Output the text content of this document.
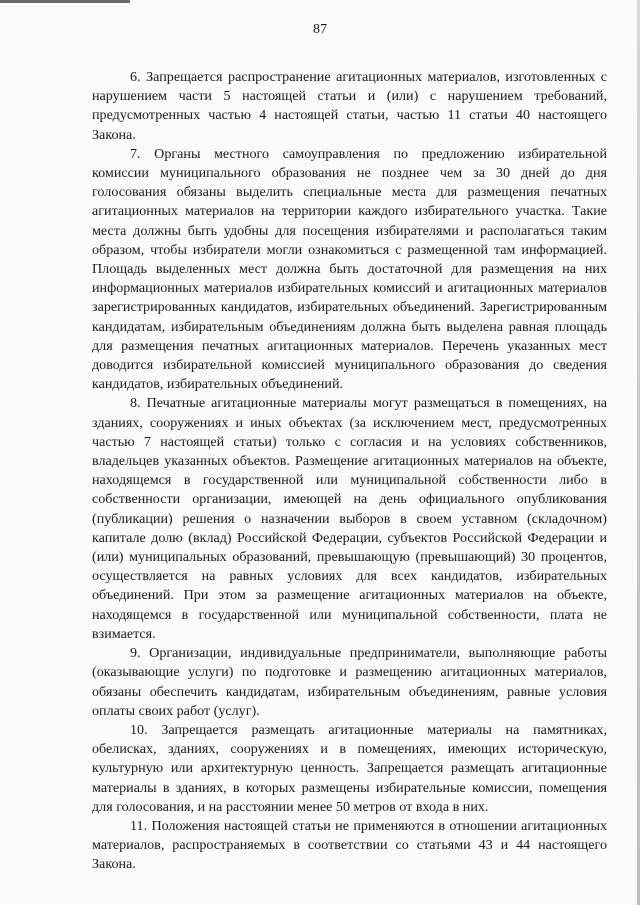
87

6. Запрещается распространение агитационных материалов, изготовленных с нарушением части 5 настоящей статьи и (или) с нарушением требований, предусмотренных частью 4 настоящей статьи, частью 11 статьи 40 настоящего Закона.

7. Органы местного самоуправления по предложению избирательной комиссии муниципального образования не позднее чем за 30 дней до дня голосования обязаны выделить специальные места для размещения печатных агитационных материалов на территории каждого избирательного участка. Такие места должны быть удобны для посещения избирателями и располагаться таким образом, чтобы избиратели могли ознакомиться с размещенной там информацией. Площадь выделенных мест должна быть достаточной для размещения на них информационных материалов избирательных комиссий и агитационных материалов зарегистрированных кандидатов, избирательных объединений. Зарегистрированным кандидатам, избирательным объединениям должна быть выделена равная площадь для размещения печатных агитационных материалов. Перечень указанных мест доводится избирательной комиссией муниципального образования до сведения кандидатов, избирательных объединений.

8. Печатные агитационные материалы могут размещаться в помещениях, на зданиях, сооружениях и иных объектах (за исключением мест, предусмотренных частью 7 настоящей статьи) только с согласия и на условиях собственников, владельцев указанных объектов. Размещение агитационных материалов на объекте, находящемся в государственной или муниципальной собственности либо в собственности организации, имеющей на день официального опубликования (публикации) решения о назначении выборов в своем уставном (складочном) капитале долю (вклад) Российской Федерации, субъектов Российской Федерации и (или) муниципальных образований, превышающую (превышающий) 30 процентов, осуществляется на равных условиях для всех кандидатов, избирательных объединений. При этом за размещение агитационных материалов на объекте, находящемся в государственной или муниципальной собственности, плата не взимается.

9. Организации, индивидуальные предприниматели, выполняющие работы (оказывающие услуги) по подготовке и размещению агитационных материалов, обязаны обеспечить кандидатам, избирательным объединениям, равные условия оплаты своих работ (услуг).

10. Запрещается размещать агитационные материалы на памятниках, обелисках, зданиях, сооружениях и в помещениях, имеющих историческую, культурную или архитектурную ценность. Запрещается размещать агитационные материалы в зданиях, в которых размещены избирательные комиссии, помещения для голосования, и на расстоянии менее 50 метров от входа в них.

11. Положения настоящей статьи не применяются в отношении агитационных материалов, распространяемых в соответствии со статьями 43 и 44 настоящего Закона.
